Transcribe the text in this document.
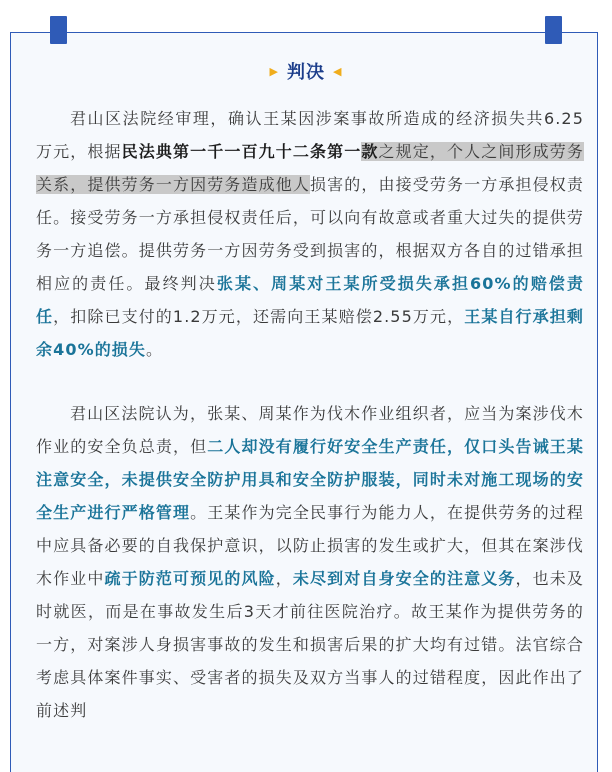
▶ 判决 ◀
君山区法院经审理，确认王某因涉案事故所造成的经济损失共6.25万元，根据民法典第一千一百九十二条第一款之规定，个人之间形成劳务关系，提供劳务一方因劳务造成他人损害的，由接受劳务一方承担侵权责任。接受劳务一方承担侵权责任后，可以向有故意或者重大过失的提供劳务一方追偿。提供劳务一方因劳务受到损害的，根据双方各自的过错承担相应的责任。最终判决张某、周某对王某所受损失承担60%的赔偿责任，扣除已支付的1.2万元，还需向王某赔偿2.55万元，王某自行承担剩余40%的损失。
君山区法院认为，张某、周某作为伐木作业组织者，应当为案涉伐木作业的安全负总责，但二人却没有履行好安全生产责任，仅口头告诫王某注意安全，未提供安全防护用具和安全防护服装，同时未对施工现场的安全生产进行严格管理。王某作为完全民事行为能力人，在提供劳务的过程中应具备必要的自我保护意识，以防止损害的发生或扩大，但其在案涉伐木作业中疏于防范可预见的风险，未尽到对自身安全的注意义务，也未及时就医，而是在事故发生后3天才前往医院治疗。故王某作为提供劳务的一方，对案涉人身损害事故的发生和损害后果的扩大均有过错。法官综合考虑具体案件事实、受害者的损失及双方当事人的过错程度，因此作出了前述判
